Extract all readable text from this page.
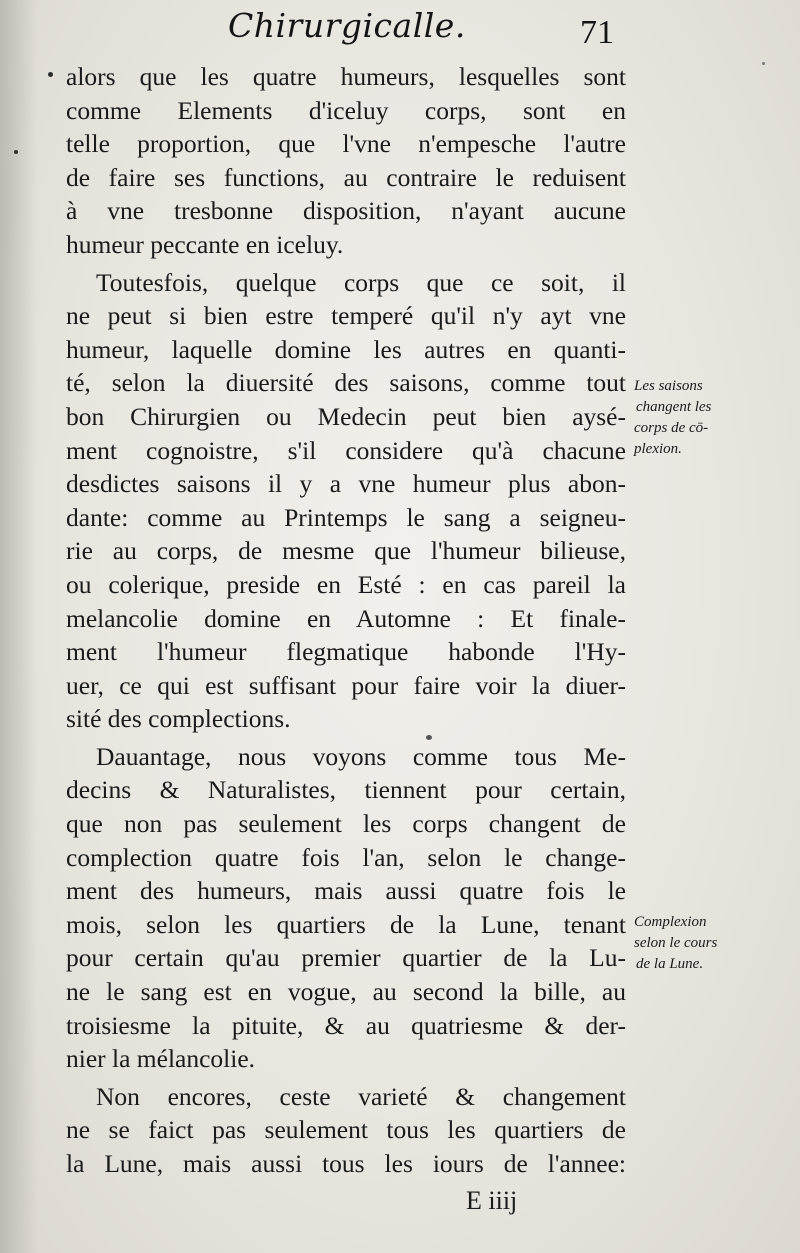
Chirurgicalle.	71
alors que les quatre humeurs, lesquelles sont
comme Elements d'iceluy corps, sont en
telle proportion, que l'vne n'empesche l'autre
de faire ses functions, au contraire le reduisent
à vne tresbonne disposition, n'ayant aucune
humeur peccante en iceluy.
Toutesfois, quelque corps que ce soit, il
ne peut si bien estre temperé qu'il n'y ayt vne
humeur, laquelle domine les autres en quanti-
té, selon la diuersité des saisons, comme tout
bon Chirurgien ou Medecin peut bien aysé-
ment cognoistre, s'il considere qu'à chacune
desdictes saisons il y a vne humeur plus abon-
dante: comme au Printemps le sang a seigneu-
rie au corps, de mesme que l'humeur bilieuse,
ou colerique, preside en Esté : en cas pareil la
melancolie domine en Automne : Et finale-
ment l'humeur flegmatique habonde l'Hy-
uer, ce qui est suffisant pour faire voir la diuer-
sité des complections.
Dauantage, nous voyons comme tous Me-
decins & Naturalistes, tiennent pour certain,
que non pas seulement les corps changent de
complection quatre fois l'an, selon le change-
ment des humeurs, mais aussi quatre fois le
mois, selon les quartiers de la Lune, tenant
pour certain qu'au premier quartier de la Lu-
ne le sang est en vogue, au second la bille, au
troisiesme la pituite, & au quatriesme & der-
nier la mélancolie.
Non encores, ceste varieté & changement
ne se faict pas seulement tous les quartiers de
la Lune, mais aussi tous les iours de l'annee:
Les saisons
changent les
corps de cō-
plexion.
Complexion
selon le cours
de la Lune.
E iiij
